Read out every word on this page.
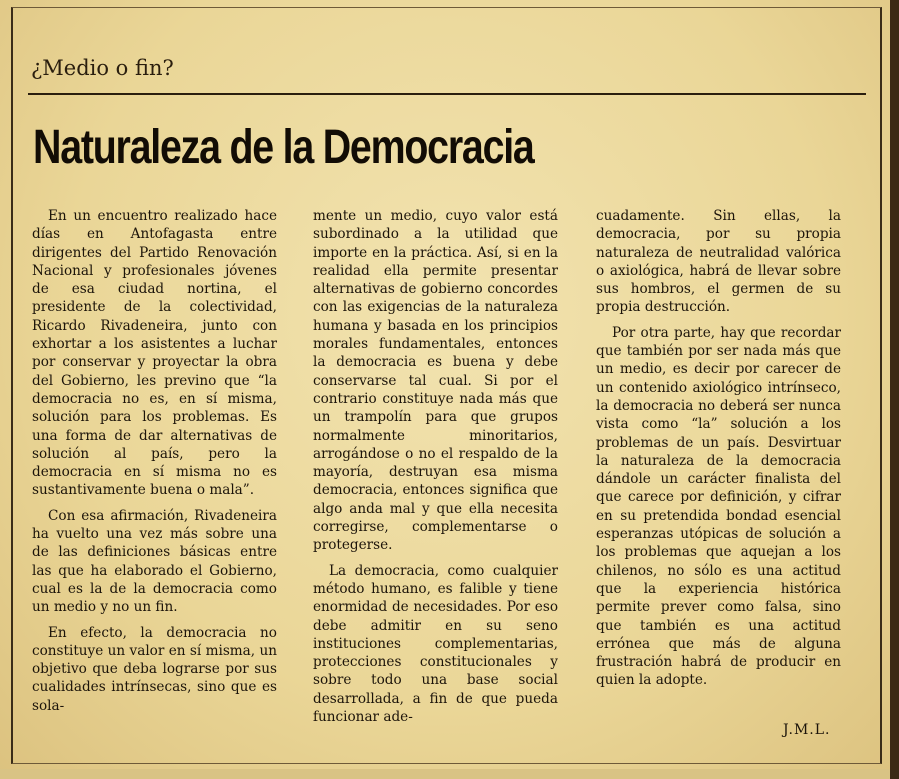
¿Medio o fin?
Naturaleza de la Democracia

En un encuentro realizado hace días en Antofagasta entre dirigentes del Partido Renovación Nacional y profesionales jóvenes de esa ciudad nortina, el presidente de la colectividad, Ricardo Rivadeneira, junto con exhortar a los asistentes a luchar por conservar y proyectar la obra del Gobierno, les previno que “la democracia no es, en sí misma, solución para los problemas. Es una forma de dar alternativas de solución al país, pero la democracia en sí misma no es sustantivamente buena o mala”.

Con esa afirmación, Rivadeneira ha vuelto una vez más sobre una de las definiciones básicas entre las que ha elaborado el Gobierno, cual es la de la democracia como un medio y no un fin.

En efecto, la democracia no constituye un valor en sí misma, un objetivo que deba lograrse por sus cualidades intrínsecas, sino que es sola-

mente un medio, cuyo valor está subordinado a la utilidad que importe en la práctica. Así, si en la realidad ella permite presentar alternativas de gobierno concordes con las exigencias de la naturaleza humana y basada en los principios morales fundamentales, entonces la democracia es buena y debe conservarse tal cual. Si por el contrario constituye nada más que un trampolín para que grupos normalmente minoritarios, arrogándose o no el respaldo de la mayoría, destruyan esa misma democracia, entonces significa que algo anda mal y que ella necesita corregirse, complementarse o protegerse.

La democracia, como cualquier método humano, es falible y tiene enormidad de necesidades. Por eso debe admitir en su seno instituciones complementarias, protecciones constitucionales y sobre todo una base social desarrollada, a fin de que pueda funcionar ade-

cuadamente. Sin ellas, la democracia, por su propia naturaleza de neutralidad valórica o axiológica, habrá de llevar sobre sus hombros, el germen de su propia destrucción.

Por otra parte, hay que recordar que también por ser nada más que un medio, es decir por carecer de un contenido axiológico intrínseco, la democracia no deberá ser nunca vista como “la” solución a los problemas de un país. Desvirtuar la naturaleza de la democracia dándole un carácter finalista del que carece por definición, y cifrar en su pretendida bondad esencial esperanzas utópicas de solución a los problemas que aquejan a los chilenos, no sólo es una actitud que la experiencia histórica permite prever como falsa, sino que también es una actitud errónea que más de alguna frustración habrá de producir en quien la adopte.

J.M.L.
